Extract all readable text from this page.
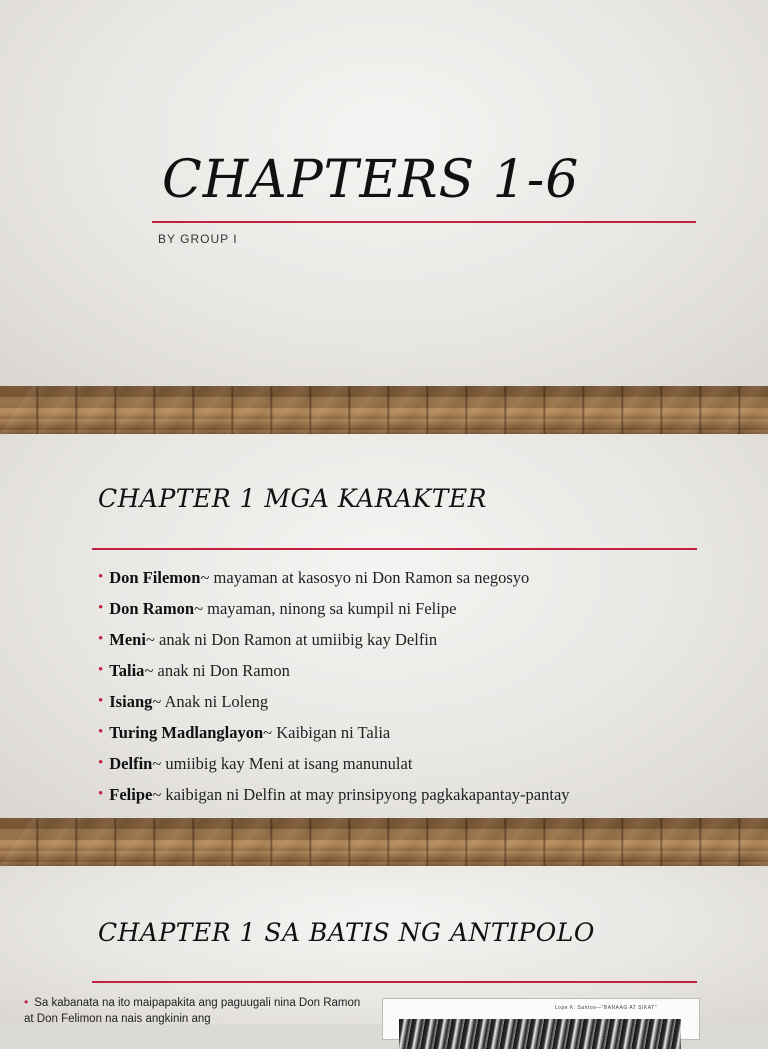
CHAPTERS 1-6
BY GROUP I
CHAPTER 1 MGA KARAKTER
• Don Filemon ~ mayaman at kasosyo ni Don Ramon sa negosyo
• Don Ramon ~ mayaman, ninong sa kumpil ni Felipe
• Meni ~ anak ni Don Ramon at umiibig kay Delfin
• Talia ~ anak ni Don Ramon
• Isiang ~ Anak ni Loleng
• Turing Madlanglayon ~ Kaibigan ni Talia
• Delfin ~ umiibig kay Meni at isang manunulat
• Felipe ~ kaibigan ni Delfin at may prinsipyong pagkakapantay-pantay
CHAPTER 1 SA BATIS NG ANTIPOLO
• Sa kabanata na ito maipapakita ang paguugali nina Don Ramon at Don Felimon na nais angkinin ang
Lope K. Santos—"BANAAG AT SIKAT"
